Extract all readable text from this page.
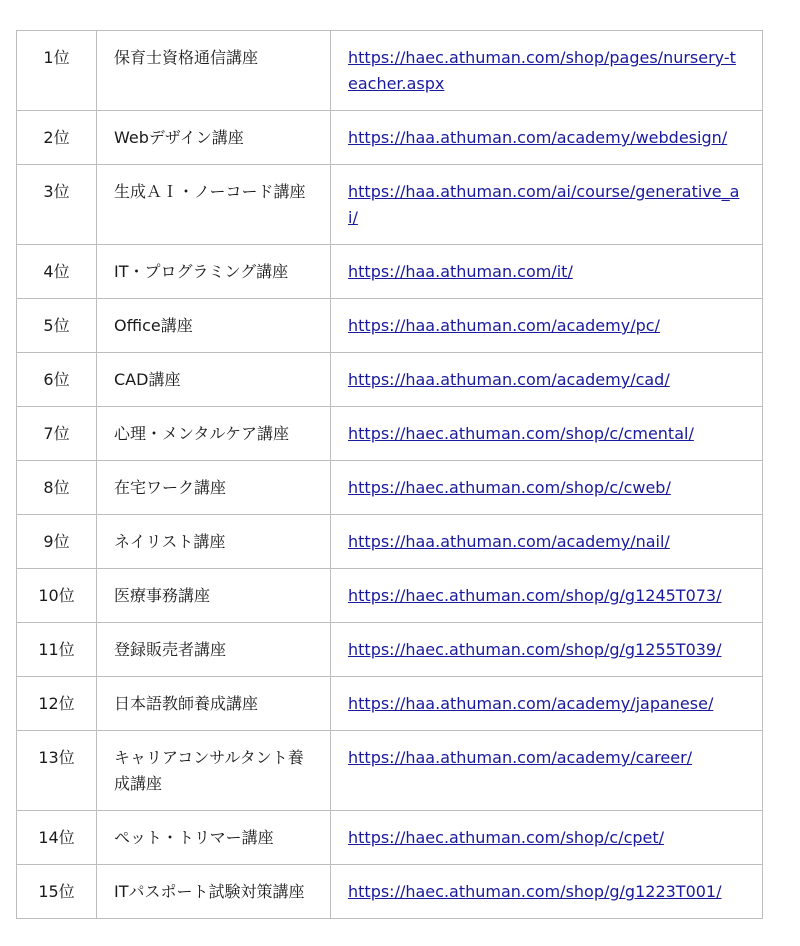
1位	保育士資格通信講座	https://haec.athuman.com/shop/pages/nursery-teacher.aspx
2位	Webデザイン講座	https://haa.athuman.com/academy/webdesign/
3位	生成ＡＩ・ノーコード講座	https://haa.athuman.com/ai/course/generative_ai/
4位	IT・プログラミング講座	https://haa.athuman.com/it/
5位	Office講座	https://haa.athuman.com/academy/pc/
6位	CAD講座	https://haa.athuman.com/academy/cad/
7位	心理・メンタルケア講座	https://haec.athuman.com/shop/c/cmental/
8位	在宅ワーク講座	https://haec.athuman.com/shop/c/cweb/
9位	ネイリスト講座	https://haa.athuman.com/academy/nail/
10位	医療事務講座	https://haec.athuman.com/shop/g/g1245T073/
11位	登録販売者講座	https://haec.athuman.com/shop/g/g1255T039/
12位	日本語教師養成講座	https://haa.athuman.com/academy/japanese/
13位	キャリアコンサルタント養成講座	https://haa.athuman.com/academy/career/
14位	ペット・トリマー講座	https://haec.athuman.com/shop/c/cpet/
15位	ITパスポート試験対策講座	https://haec.athuman.com/shop/g/g1223T001/
